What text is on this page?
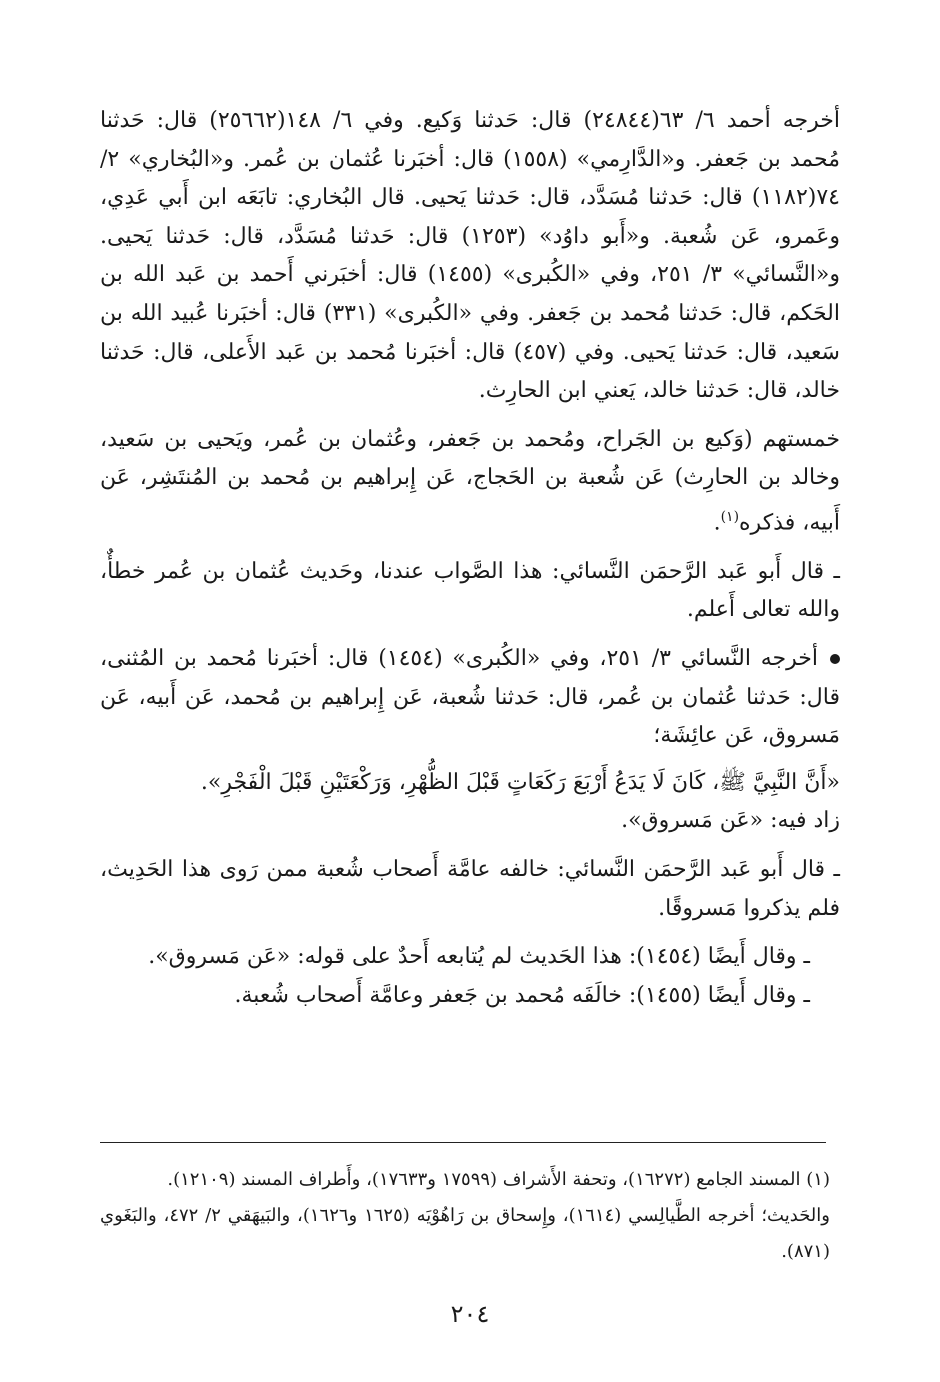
أخرجه أحمد ٦/ ٦٣(٢٤٨٤٤) قال: حَدثنا وَكيع. وفي ٦/ ١٤٨(٢٥٦٦٢) قال: حَدثنا مُحمد بن جَعفر. و«الدَّارِمي» (١٥٥٨) قال: أخبَرنا عُثمان بن عُمر. و«البُخاري» ٢/ ٧٤(١١٨٢) قال: حَدثنا مُسَدَّد، قال: حَدثنا يَحيى. قال البُخاري: تابَعَه ابن أَبي عَدِي، وعَمرو، عَن شُعبة. و«أَبو داوُد» (١٢٥٣) قال: حَدثنا مُسَدَّد، قال: حَدثنا يَحيى. و«النَّسائي» ٣/ ٢٥١، وفي «الكُبرى» (١٤٥٥) قال: أخبَرني أَحمد بن عَبد الله بن الحَكم، قال: حَدثنا مُحمد بن جَعفر. وفي «الكُبرى» (٣٣١) قال: أخبَرنا عُبيد الله بن سَعيد، قال: حَدثنا يَحيى. وفي (٤٥٧) قال: أخبَرنا مُحمد بن عَبد الأَعلى، قال: حَدثنا خالد، قال: حَدثنا خالد، يَعني ابن الحارِث.

خمستهم (وَكيع بن الجَراح، ومُحمد بن جَعفر، وعُثمان بن عُمر، ويَحيى بن سَعيد، وخالد بن الحارِث) عَن شُعبة بن الحَجاج، عَن إِبراهيم بن مُحمد بن المُنتَشِر، عَن أَبيه، فذكره$^{(١)}$.

ـ قال أَبو عَبد الرَّحمَن النَّسائي: هذا الصَّواب عندنا، وحَديث عُثمان بن عُمر خطأٌ، والله تعالى أَعلم.

أخرجه النَّسائي ٣/ ٢٥١، وفي «الكُبرى» (١٤٥٤) قال: أخبَرنا مُحمد بن المُثنى، قال: حَدثنا عُثمان بن عُمر، قال: حَدثنا شُعبة، عَن إِبراهيم بن مُحمد، عَن أَبيه، عَن مَسروق، عَن عائِشَة؛

«أَنَّ النَّبِيَّ ﷺ، كَانَ لَا يَدَعُ أَرْبَعَ رَكَعَاتٍ قَبْلَ الظُّهْرِ، وَرَكْعَتَيْنِ قَبْلَ الْفَجْرِ».

زاد فيه: «عَن مَسروق».

ـ قال أَبو عَبد الرَّحمَن النَّسائي: خالفه عامَّة أَصحاب شُعبة ممن رَوى هذا الحَدِيث، فلم يذكروا مَسروقًا.

ـ وقال أَيضًا (١٤٥٤): هذا الحَديث لم يُتابعه أَحدٌ على قوله: «عَن مَسروق».

ـ وقال أَيضًا (١٤٥٥): خالَفَه مُحمد بن جَعفر وعامَّة أَصحاب شُعبة.

(١) المسند الجامع (١٦٢٧٢)، وتحفة الأَشراف (١٧٥٩٩ و١٧٦٣٣)، وأَطراف المسند (١٢١٠٩).

والحَديث؛ أخرجه الطَّيالِسي (١٦١٤)، وإِسحاق بن رَاهُوْيَه (١٦٢٥ و١٦٢٦)، والبَيهَقي ٢/ ٤٧٢، والبَغَوي (٨٧١).

٢٠٤
